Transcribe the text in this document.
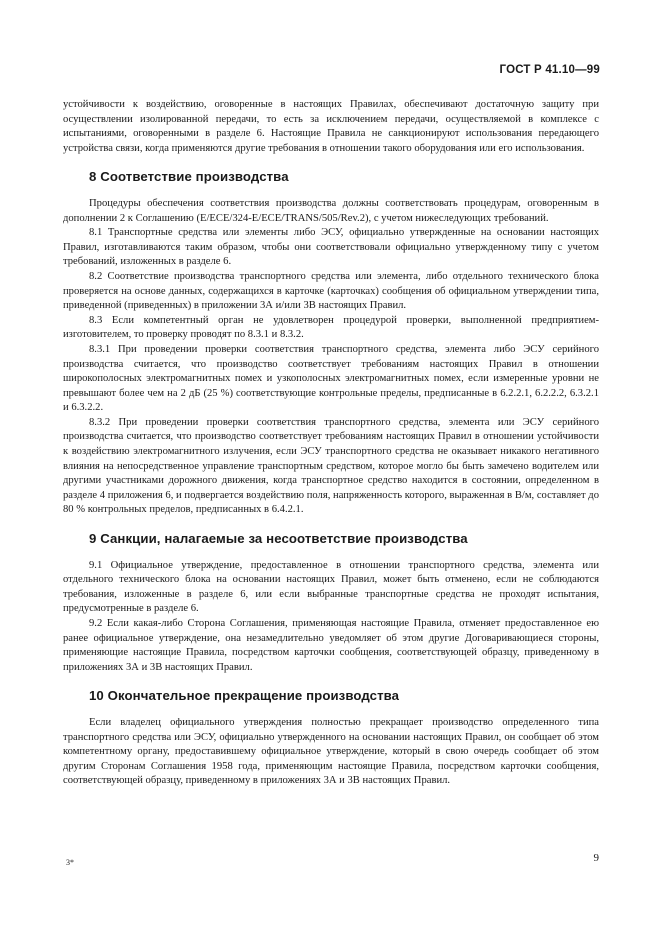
ГОСТ Р 41.10—99

устойчивости к воздействию, оговоренные в настоящих Правилах, обеспечивают достаточную защиту при осуществлении изолированной передачи, то есть за исключением передачи, осуществляемой в комплексе с испытаниями, оговоренными в разделе 6. Настоящие Правила не санкционируют использования передающего устройства связи, когда применяются другие требования в отношении такого оборудования или его использования.

8 Соответствие производства

Процедуры обеспечения соответствия производства должны соответствовать процедурам, оговоренным в дополнении 2 к Соглашению (E/ECE/324-E/ECE/TRANS/505/Rev.2), с учетом нижеследующих требований.

8.1 Транспортные средства или элементы либо ЭСУ, официально утвержденные на основании настоящих Правил, изготавливаются таким образом, чтобы они соответствовали официально утвержденному типу с учетом требований, изложенных в разделе 6.

8.2 Соответствие производства транспортного средства или элемента, либо отдельного технического блока проверяется на основе данных, содержащихся в карточке (карточках) сообщения об официальном утверждении типа, приведенной (приведенных) в приложении 3А и/или 3В настоящих Правил.

8.3 Если компетентный орган не удовлетворен процедурой проверки, выполненной предприятием-изготовителем, то проверку проводят по 8.3.1 и 8.3.2.

8.3.1 При проведении проверки соответствия транспортного средства, элемента либо ЭСУ серийного производства считается, что производство соответствует требованиям настоящих Правил в отношении широкополосных электромагнитных помех и узкополосных электромагнитных помех, если измеренные уровни не превышают более чем на 2 дБ (25 %) соответствующие контрольные пределы, предписанные в 6.2.2.1, 6.2.2.2, 6.3.2.1 и 6.3.2.2.

8.3.2 При проведении проверки соответствия транспортного средства, элемента или ЭСУ серийного производства считается, что производство соответствует требованиям настоящих Правил в отношении устойчивости к воздействию электромагнитного излучения, если ЭСУ транспортного средства не оказывает никакого негативного влияния на непосредственное управление транспортным средством, которое могло бы быть замечено водителем или другими участниками дорожного движения, когда транспортное средство находится в состоянии, определенном в разделе 4 приложения 6, и подвергается воздействию поля, напряженность которого, выраженная в В/м, составляет до 80 % контрольных пределов, предписанных в 6.4.2.1.

9 Санкции, налагаемые за несоответствие производства

9.1 Официальное утверждение, предоставленное в отношении транспортного средства, элемента или отдельного технического блока на основании настоящих Правил, может быть отменено, если не соблюдаются требования, изложенные в разделе 6, или если выбранные транспортные средства не проходят испытания, предусмотренные в разделе 6.

9.2 Если какая-либо Сторона Соглашения, применяющая настоящие Правила, отменяет предоставленное ею ранее официальное утверждение, она незамедлительно уведомляет об этом другие Договаривающиеся стороны, применяющие настоящие Правила, посредством карточки сообщения, соответствующей образцу, приведенному в приложениях 3А и 3В настоящих Правил.

10 Окончательное прекращение производства

Если владелец официального утверждения полностью прекращает производство определенного типа транспортного средства или ЭСУ, официально утвержденного на основании настоящих Правил, он сообщает об этом компетентному органу, предоставившему официальное утверждение, который в свою очередь сообщает об этом другим Сторонам Соглашения 1958 года, применяющим настоящие Правила, посредством карточки сообщения, соответствующей образцу, приведенному в приложениях 3А и 3В настоящих Правил.

3*	9
